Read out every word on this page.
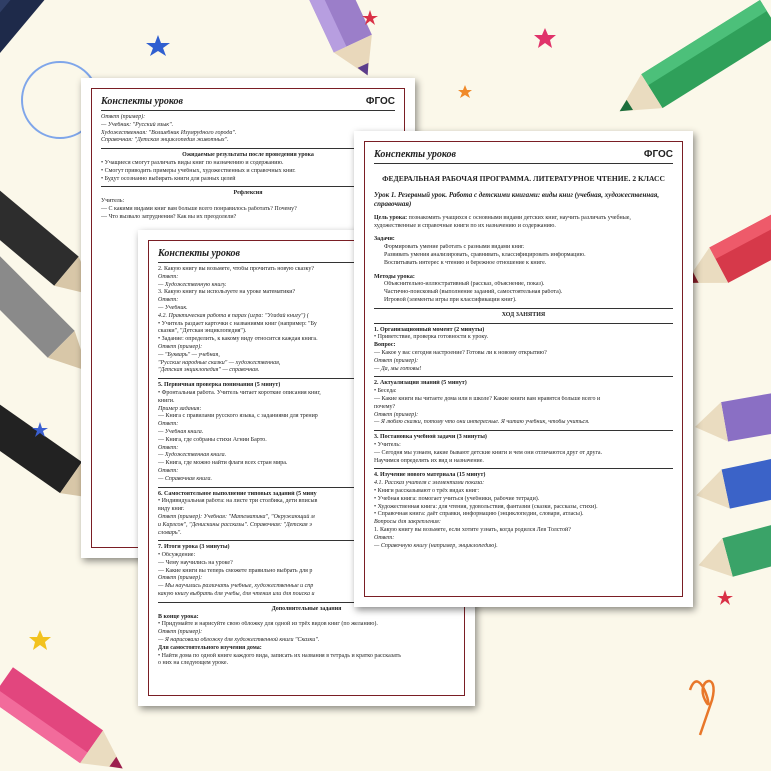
Конспекты уроков	ФГОС

Ответ (пример):

— Учебник: "Русский язык".

Художественная: "Волшебник Изумрудного города".

Справочная: "Детская энциклопедия животных".

Ожидаемые результаты после проведения урока

• Учащиеся смогут различать виды книг по назначению и содержанию.

• Смогут приводить примеры учебных, художественных и справочных книг.

• Будут осознанно выбирать книги для разных целей

Рефлексия

Учитель:

— С какими видами книг вам больше всего понравилось работать? Почему?

— Что вызвало затруднения? Как вы их преодолели?

Конспекты уроков

2. Какую книгу вы возьмете, чтобы прочитать новую сказку?

Ответ:

— Художественную книгу.

3. Какую книгу вы используете на уроке математики?

Ответ:

— Учебник.

4.2. Практическая работа в парах (игра: "Угадай книгу") (

• Учитель раздает карточки с названиями книг (например: "Бу

сказки", "Детская энциклопедия").

• Задание: определить, к какому виду относится каждая книга.

Ответ (пример):

— "Букварь" — учебная,

"Русские народные сказки" — художественная,

"Детская энциклопедия" — справочная.

5. Первичная проверка понимания (5 минут)

• Фронтальная работа. Учитель читает короткие описания книг,

книги.

Пример задания:

— Книга с правилами русского языка, с заданиями для тренир

Ответ:

— Учебная книга.

— Книга, где собраны стихи Агнии Барто.

Ответ:

— Художественная книга.

— Книга, где можно найти флаги всех стран мира.

Ответ:

— Справочная книга.

6. Самостоятельное выполнение типовых заданий (5 мину

• Индивидуальная работа: на листе три столбика, дети вписыв

виду книг.

Ответ (пример): Учебная: "Математика", "Окружающий м

и Карлсон", "Денискины рассказы". Справочная: "Детская э

словарь".

7. Итоги урока (3 минуты)

• Обсуждение:

— Чему научились на уроке?

— Какие книги вы теперь сможете правильно выбрать для р

Ответ (пример):

— Мы научились различать учебные, художественные и спр

какую книгу выбрать для учебы, для чтения или для поиска и

Дополнительные задания

В конце урока:

• Придумайте и нарисуйте свою обложку для одной из трёх видов книг (по желанию).

Ответ (пример):

— Я нарисовала обложку для художественной книги "Сказки".

Для самостоятельного изучения дома:

• Найти дома по одной книге каждого вида, записать их названия в тетрадь и кратко рассказать

о них на следующем уроке.

Конспекты уроков	ФГОС
ФЕДЕРАЛЬНАЯ РАБОЧАЯ ПРОГРАММА. ЛИТЕРАТУРНОЕ ЧТЕНИЕ. 2 КЛАСС
Урок 1. Резервный урок. Работа с детскими книгами: виды книг (учебная, художественная, справочная)
Цель урока: познакомить учащихся с основными видами детских книг, научить различать учебные, художественные и справочные книги по их назначению и содержанию.
Задачи:
• Формировать умение работать с разными видами книг.
• Развивать умения анализировать, сравнивать, классифицировать информацию.
• Воспитывать интерес к чтению и бережное отношение к книге.
Методы урока:
• Объяснительно-иллюстративный (рассказ, объяснение, показ).
• Частично-поисковый (выполнение заданий, самостоятельная работа).
• Игровой (элементы игры при классификации книг).

ХОД ЗАНЯТИЯ

1. Организационный момент (2 минуты)

• Приветствие, проверка готовности к уроку.

Вопрос:

— Какое у вас сегодня настроение? Готовы ли к новому открытию?

Ответ (пример):

— Да, мы готовы!

2. Актуализация знаний (5 минут)

• Беседа:

— Какие книги вы читаете дома или в школе? Какие книги вам нравятся больше всего и

почему?

Ответ (пример):

— Я люблю сказки, потому что они интересные. Я читаю учебник, чтобы учиться.

3. Постановка учебной задачи (3 минуты)

• Учитель:

— Сегодня мы узнаем, какие бывают детские книги и чем они отличаются друг от друга.

Научимся определять их вид и назначение.

4. Изучение нового материала (15 минут)

4.1. Рассказ учителя с элементами показа:

• Книги рассказывают о трёх видах книг:

• Учебная книга: помогает учиться (учебники, рабочие тетради).

• Художественная книга: для чтения, удовольствия, фантазии (сказки, рассказы, стихи).

• Справочная книга: даёт справки, информацию (энциклопедии, словари, атласы).

Вопросы для закрепления:

1. Какую книгу вы возьмете, если хотите узнать, когда родился Лев Толстой?

Ответ:

— Справочную книгу (например, энциклопедию).
